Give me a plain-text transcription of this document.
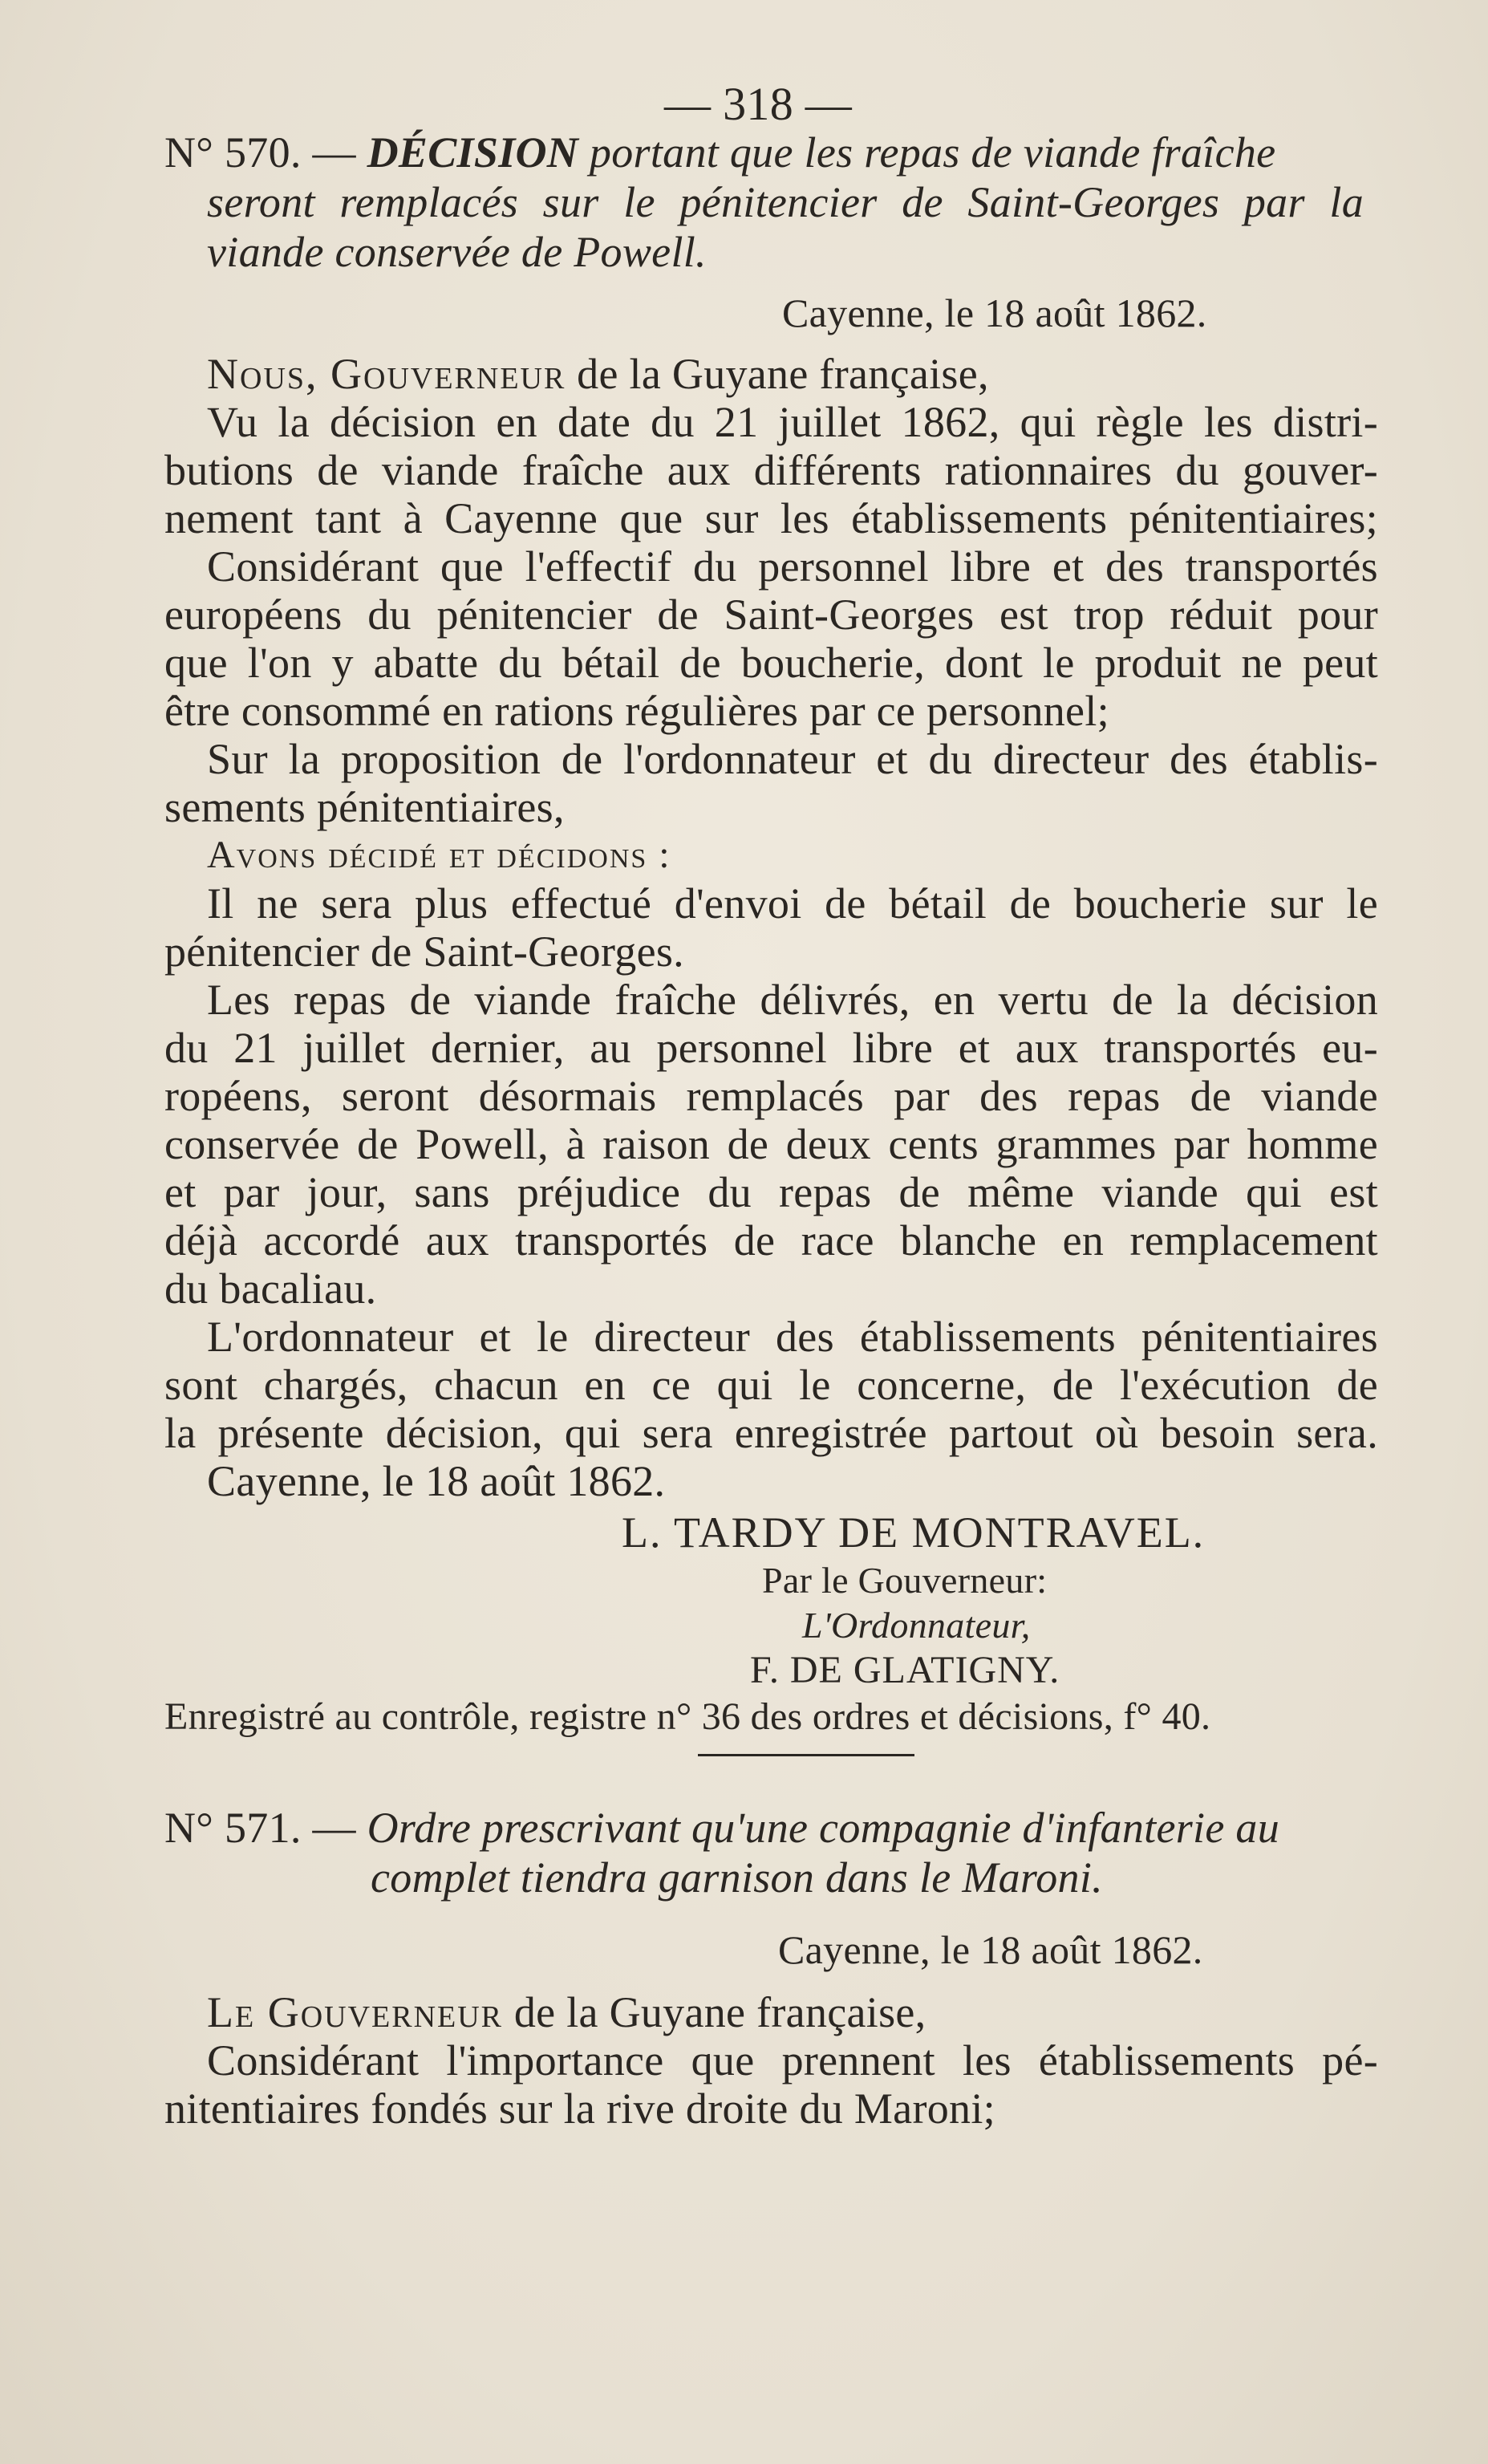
— 318 —
N° 570. — DÉCISION portant que les repas de viande fraîche
seront remplacés sur le pénitencier de Saint-Georges par la
viande conservée de Powell.
Cayenne, le 18 août 1862.
Nous, Gouverneur de la Guyane française,
Vu la décision en date du 21 juillet 1862, qui règle les distri-
butions de viande fraîche aux différents rationnaires du gouver-
nement tant à Cayenne que sur les établissements pénitentiaires;
Considérant que l'effectif du personnel libre et des transportés
européens du pénitencier de Saint-Georges est trop réduit pour
que l'on y abatte du bétail de boucherie, dont le produit ne peut
être consommé en rations régulières par ce personnel;
Sur la proposition de l'ordonnateur et du directeur des établis-
sements pénitentiaires,
Avons décidé et décidons :
Il ne sera plus effectué d'envoi de bétail de boucherie sur le
pénitencier de Saint-Georges.
Les repas de viande fraîche délivrés, en vertu de la décision
du 21 juillet dernier, au personnel libre et aux transportés eu-
ropéens, seront désormais remplacés par des repas de viande
conservée de Powell, à raison de deux cents grammes par homme
et par jour, sans préjudice du repas de même viande qui est
déjà accordé aux transportés de race blanche en remplacement
du bacaliau.
L'ordonnateur et le directeur des établissements pénitentiaires
sont chargés, chacun en ce qui le concerne, de l'exécution de
la présente décision, qui sera enregistrée partout où besoin sera.
Cayenne, le 18 août 1862.
L. TARDY DE MONTRAVEL.
Par le Gouverneur:
L'Ordonnateur,
F. DE GLATIGNY.
Enregistré au contrôle, registre n° 36 des ordres et décisions, f° 40.
N° 571. — Ordre prescrivant qu'une compagnie d'infanterie au
complet tiendra garnison dans le Maroni.
Cayenne, le 18 août 1862.
Le Gouverneur de la Guyane française,
Considérant l'importance que prennent les établissements pé-
nitentiaires fondés sur la rive droite du Maroni;
